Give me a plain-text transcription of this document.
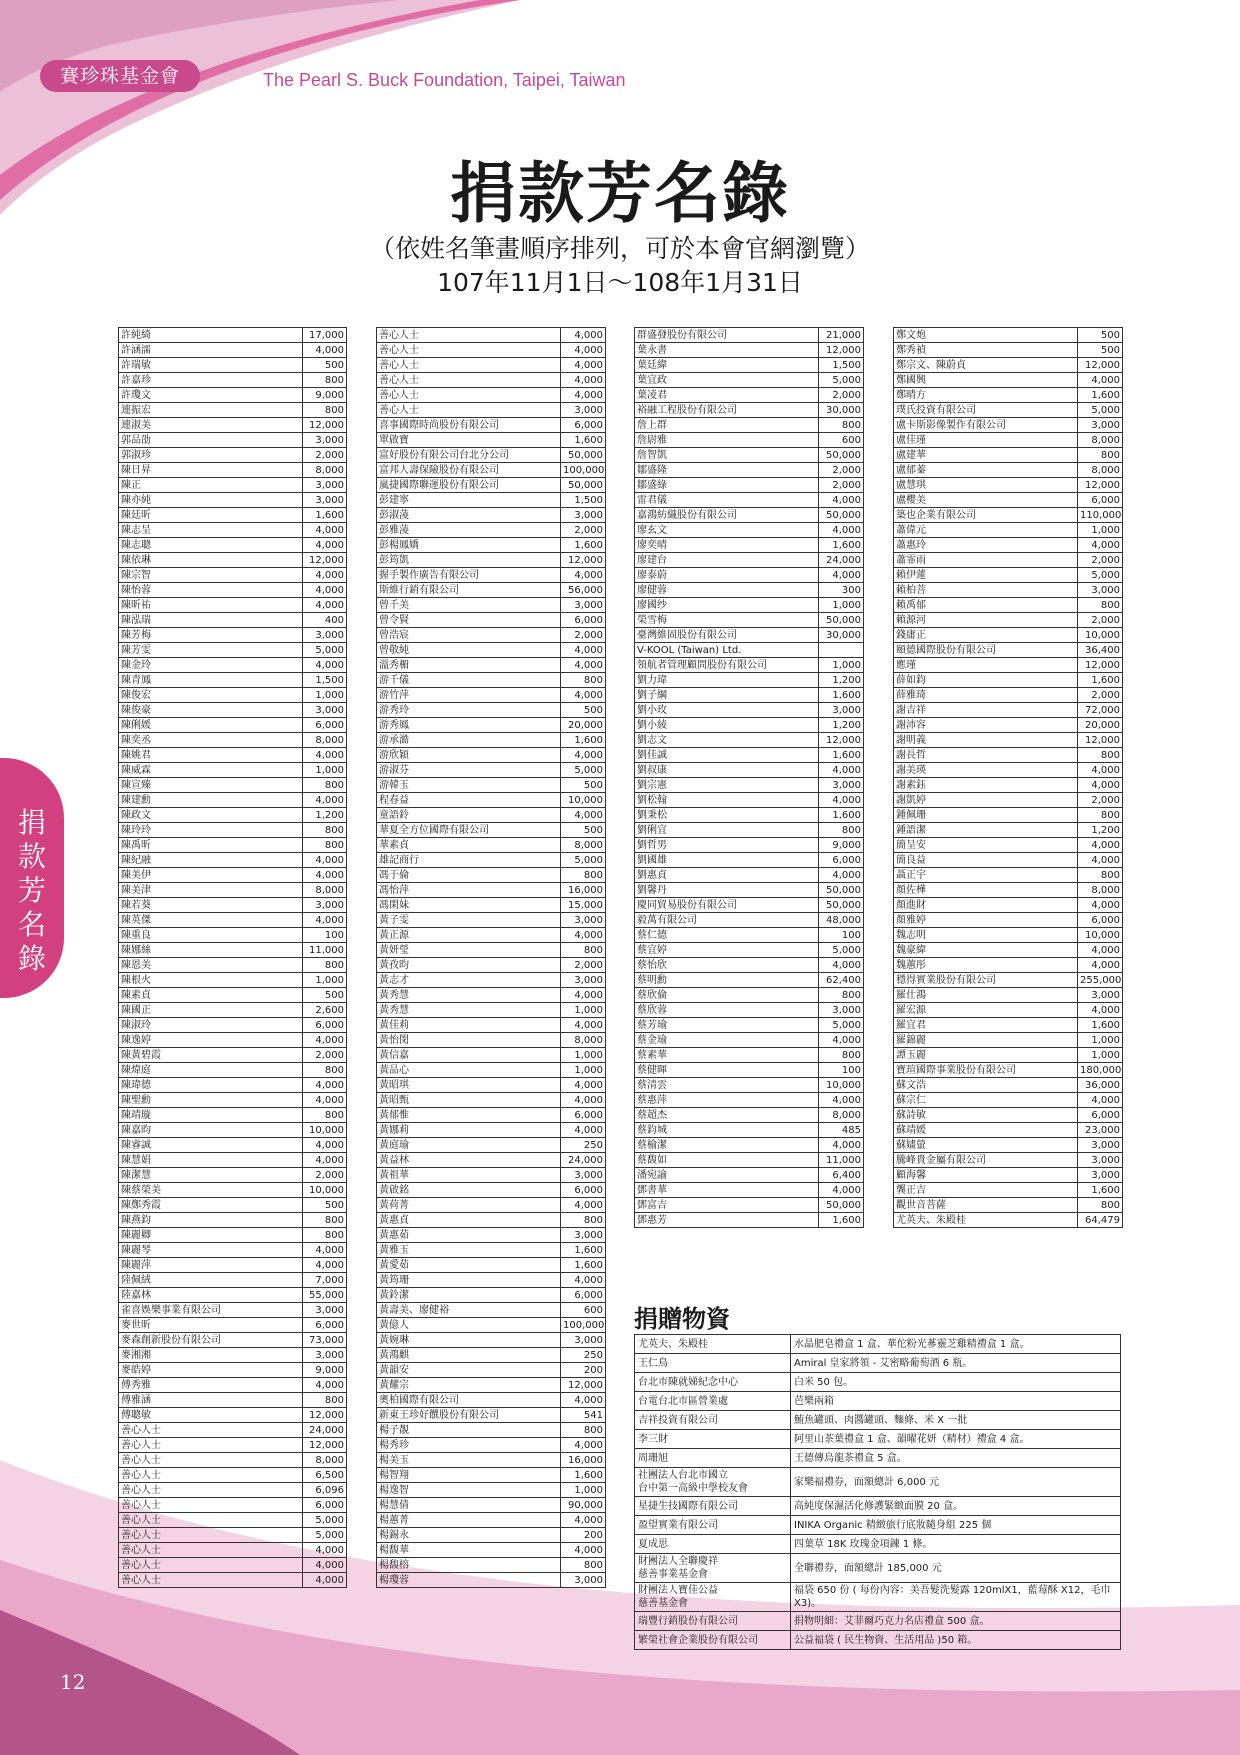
賽珍珠基金會	The Pearl S. Buck Foundation, Taipei, Taiwan
捐款芳名錄
捐款芳名錄
（依姓名筆畫順序排列，可於本會官網瀏覽）
107年11月1日～108年1月31日
許純綺	17,000
許涵濡	4,000
許瑞敏	500
許嘉珍	800
許瓊文	9,000
連振宏	800
連淑美	12,000
郭品劭	3,000
郭淑珍	2,000
陳日昇	8,000
陳正	3,000
陳亦純	3,000
陳廷昕	1,600
陳志呈	4,000
陳志聰	4,000
陳依琳	12,000
陳宗智	4,000
陳怡蓉	4,000
陳昕祐	4,000
陳泓瑞	400
陳芳梅	3,000
陳芳雯	5,000
陳金玲	4,000
陳青鳳	1,500
陳俊宏	1,000
陳俊豪	3,000
陳俐媛	6,000
陳奕丞	8,000
陳姚君	4,000
陳威霖	1,000
陳宣臻	800
陳建勳	4,000
陳政文	1,200
陳玲玲	800
陳禹昕	800
陳紀融	4,000
陳美伊	4,000
陳美津	8,000
陳若葵	3,000
陳英傑	4,000
陳重良	100
陳娜絲	11,000
陳恩美	800
陳根火	1,000
陳素貞	500
陳國正	2,600
陳淑玲	6,000
陳逸婷	4,000
陳黃碧霞	2,000
陳煒庭	800
陳瑋德	4,000
陳聖勳	4,000
陳靖璇	800
陳嘉昀	10,000
陳睿誠	4,000
陳慧娟	4,000
陳潔慧	2,000
陳蔡榮美	10,000
陳鄭秀霞	500
陳燕鈞	800
陳麗卿	800
陳麗琴	4,000
陳麗萍	4,000
陸佩絨	7,000
陸嘉林	55,000
雀喜娛樂事業有限公司	3,000
麥世昕	6,000
麥森創新股份有限公司	73,000
麥湘湘	3,000
麥皓婷	9,000
傅秀雅	4,000
傅雅涵	800
傅聰敏	12,000
善心人士	24,000
善心人士	12,000
善心人士	8,000
善心人士	6,500
善心人士	6,096
善心人士	6,000
善心人士	5,000
善心人士	5,000
善心人士	4,000
善心人士	4,000
善心人士	4,000
善心人士	4,000
善心人士	4,000
善心人士	4,000
善心人士	4,000
善心人士	4,000
善心人士	3,000
喜事國際時尚股份有限公司	6,000
單啟寶	1,600
富好股份有限公司台北分公司	50,000
富邦人壽保險股份有限公司	100,000
嵐捷國際聯運股份有限公司	50,000
彭建寧	1,500
彭淑蓤	3,000
彭雅蓤	2,000
彭楊鳳嬌	1,600
彭筠凱	12,000
握手製作廣告有限公司	4,000
斯維行銷有限公司	56,000
曾千美	3,000
曾令賢	6,000
曾浩宸	2,000
曾敬純	4,000
溫秀楣	4,000
游千儀	800
游竹萍	4,000
游秀玲	500
游秀鳳	20,000
游承澔	1,600
游欣穎	4,000
游淑芬	5,000
游韓玉	500
程春益	10,000
童語鈴	4,000
華夏全方位國際有限公司	500
華素貞	8,000
雄記商行	5,000
馮于倫	800
馮怡萍	16,000
馮閑妹	15,000
黃子雯	3,000
黃正源	4,000
黃妍瑩	800
黃孜昀	2,000
黃志才	3,000
黃秀慧	4,000
黃秀慧	1,000
黃佳莉	4,000
黃怡閔	8,000
黃信嘉	1,000
黃品心	1,000
黃昭琪	4,000
黃昭甄	4,000
黃郁惟	6,000
黃娜莉	4,000
黃庭瑜	250
黃益林	24,000
黃祖華	3,000
黃啟銘	6,000
黃荷菁	4,000
黃惠貞	800
黃惠茹	3,000
黃雅玉	1,600
黃愛茹	1,600
黃筠珊	4,000
黃鈴潔	6,000
黃壽美、廖健裕	600
黃億人	100,000
黃婉琳	3,000
黃鴻麒	250
黃韻安	200
黃耀宗	12,000
奧柏國際有限公司	4,000
新東王珍好饌股份有限公司	541
楊子靚	800
楊秀珍	4,000
楊美玉	16,000
楊智翔	1,600
楊逸智	1,000
楊慧倩	90,000
楊蕙菁	4,000
楊錫永	200
楊馥華	4,000
楊馥榕	800
楊瓊蓉	3,000
群盛發股份有限公司	21,000
葉永書	12,000
葉廷緯	1,500
葉宜政	5,000
葉凌君	2,000
裕融工程股份有限公司	30,000
詹上群	800
詹尉雅	600
詹智凱	50,000
鄒盛隆	2,000
鄒盛綠	2,000
雷君儀	4,000
嘉鴻紡織股份有限公司	50,000
廖玄文	4,000
廖奕晴	1,600
廖建台	24,000
廖泰蔚	4,000
廖健蓉	300
廖國纱	1,000
榮雪梅	50,000
臺灣維固股份有限公司	30,000
V-KOOL (Taiwan) Ltd.	
領航者管理顧問股份有限公司	1,000
劉力瑋	1,200
劉子綱	1,600
劉小玫	3,000
劉小綾	1,200
劉志文	12,000
劉佳誠	1,600
劉叔康	4,000
劉宗憲	3,000
劉松翰	4,000
劉秉松	1,600
劉俐宜	800
劉哲男	9,000
劉國雄	6,000
劉惠貞	4,000
劉馨丹	50,000
慶同貿易股份有限公司	50,000
毅萬有限公司	48,000
蔡仁德	100
蔡宜婷	5,000
蔡怡欣	4,000
蔡明勳	62,400
蔡欣倫	800
蔡欣蓉	3,000
蔡芳瑜	5,000
蔡金瑜	4,000
蔡素華	800
蔡健暉	100
蔡清雲	10,000
蔡惠萍	4,000
蔡超杰	8,000
蔡鈞城	485
蔡榆潔	4,000
蔡馥如	11,000
潘宛諭	6,400
鄧書華	4,000
鄧富吉	50,000
鄧惠芳	1,600
鄭文炮	500
鄭秀禎	500
鄭宗文、陳蔚貞	12,000
鄭國興	4,000
鄭晴方	1,600
璞氏投資有限公司	5,000
盧卡斯影像製作有限公司	3,000
盧佳瑾	8,000
盧建華	800
盧郁蓁	8,000
盧慧琪	12,000
盧櫻美	6,000
築也企業有限公司	110,000
蕭偉元	1,000
蕭惠玲	4,000
蕭霏雨	2,000
賴伊蓮	5,000
賴柏菩	3,000
賴禹郁	800
賴源河	2,000
錢庸正	10,000
頤德國際股份有限公司	36,400
應瑾	12,000
薛如鈞	1,600
薛雅琦	2,000
謝吉祥	72,000
謝沛容	20,000
謝明義	12,000
謝長哲	800
謝美瑛	4,000
謝素鈺	4,000
謝凱婷	2,000
鍾佩珊	800
鍾語潔	1,200
簡呈安	4,000
簡良益	4,000
聶正宇	800
顏佐樺	8,000
顏進財	4,000
顏雅婷	6,000
魏志明	10,000
魏豪緯	4,000
魏蕙彤	4,000
穩得實業股份有限公司	255,000
羅仕鴻	3,000
羅宏源	4,000
羅宜君	1,600
羅錦麗	1,000
譚玉麗	1,000
寶瑄國際事業股份有限公司	180,000
蘇文浩	36,000
蘇宗仁	4,000
蘇詩敏	6,000
蘇靖媛	23,000
蘇嫿螢	3,000
騰峰貴金屬有限公司	3,000
顧海馨	3,000
龔正吉	1,600
觀世音菩薩	800
尤英夫、朱殿桂	64,479
捐贈物資
尤英夫、朱殿桂	水晶肥皂禮盒 1 盒、華佗粉光蔘靈芝雞精禮盒 1 盒。
王仁鳥	Amiral 皇家將領 - 艾密略葡萄酒 6 瓶。
台北市陳就娣紀念中心	白米 50 包。
台電台北市區營業處	芭樂兩箱
吉祥投資有限公司	鮪魚罐頭、肉醬罐頭、麵條、米 X 一批
李三財	阿里山茶葉禮盒 1 盒、韻曜花妍（精材）禮盒 4 盒。
周珊旭	王德傳烏龍茶禮盒 5 盒。
社團法人台北市國立
台中第一高級中學校友會	家樂福禮券，面額總計 6,000 元
星捷生技國際有限公司	高純度保濕活化修護緊緻面膜 20 盒。
盈望實業有限公司	INIKA Organic 精緻旅行底妝隨身組 225 個
夏成思	四葉草 18K 玫瑰金項鍊 1 條。
財團法人全聯慶祥
慈善事業基金會	全聯禮券，面額總計 185,000 元
財團法人寶佳公益
慈善基金會	福袋 650 份 ( 每份內容：美吾髮洗髮露 120mlX1，藍莓酥 X12，毛巾 X3)。
瑞豐行銷股份有限公司	捐物明細：艾菲爾巧克力名店禮盒 500 盒。
繁榮社會企業股份有限公司	公益福袋 ( 民生物資、生活用品 )50 箱。
12
